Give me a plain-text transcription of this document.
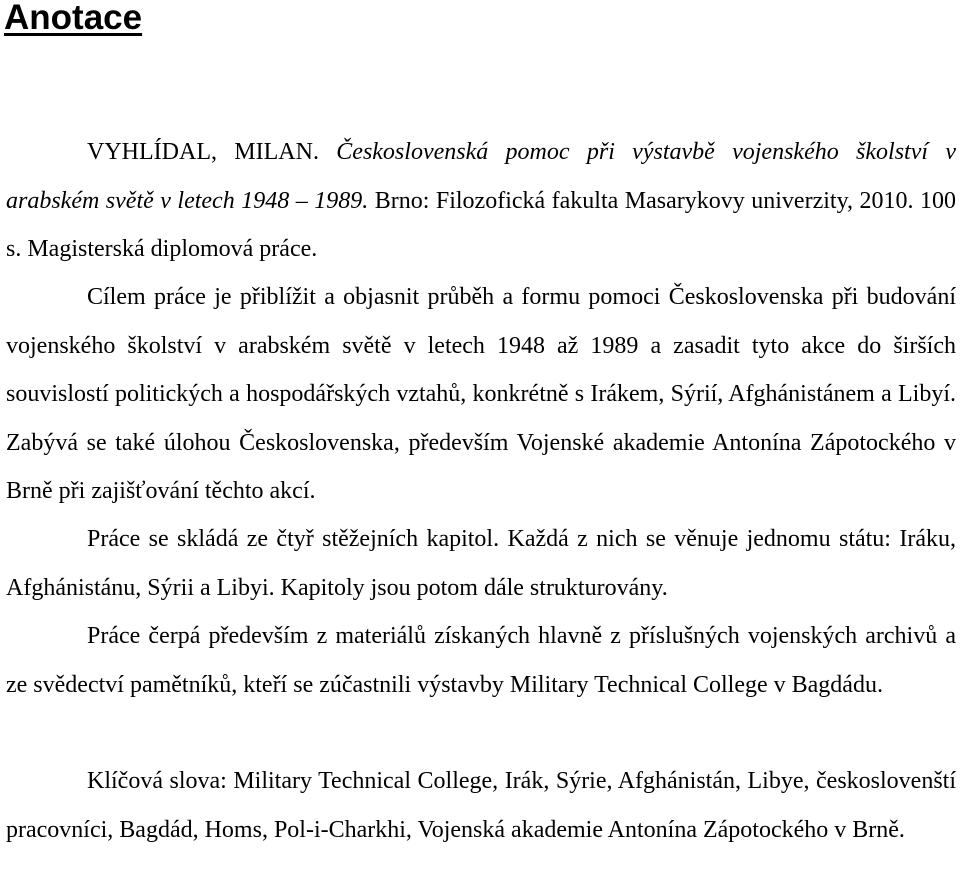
Anotace

VYHLÍDAL, MILAN. Československá pomoc při výstavbě vojenského školství v arabském světě v letech 1948 – 1989. Brno: Filozofická fakulta Masarykovy univerzity, 2010. 100 s. Magisterská diplomová práce.

Cílem práce je přiblížit a objasnit průběh a formu pomoci Československa při budování vojenského školství v arabském světě v letech 1948 až 1989 a zasadit tyto akce do širších souvislostí politických a hospodářských vztahů, konkrétně s Irákem, Sýrií, Afghánistánem a Libyí. Zabývá se také úlohou Československa, především Vojenské akademie Antonína Zápotockého v Brně při zajišťování těchto akcí.

Práce se skládá ze čtyř stěžejních kapitol. Každá z nich se věnuje jednomu státu: Iráku, Afghánistánu, Sýrii a Libyi. Kapitoly jsou potom dále strukturovány.

Práce čerpá především z materiálů získaných hlavně z příslušných vojenských archivů a ze svědectví pamětníků, kteří se zúčastnili výstavby Military Technical College v Bagdádu.

Klíčová slova: Military Technical College, Irák, Sýrie, Afghánistán, Libye, českoslovenští pracovníci, Bagdád, Homs, Pol-i-Charkhi, Vojenská akademie Antonína Zápotockého v Brně.
